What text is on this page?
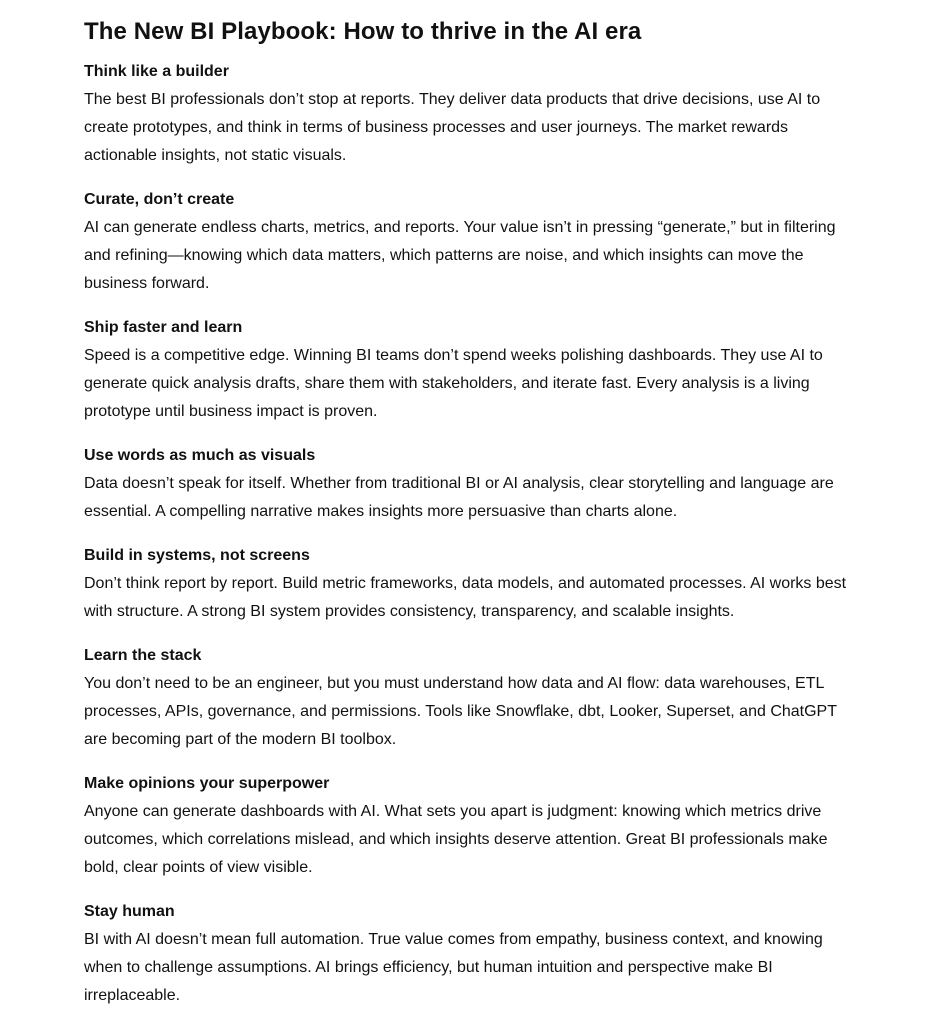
The New BI Playbook: How to thrive in the AI era
Think like a builder

The best BI professionals don’t stop at reports. They deliver data products that drive decisions, use AI to create prototypes, and think in terms of business processes and user journeys. The market rewards actionable insights, not static visuals.

Curate, don’t create

AI can generate endless charts, metrics, and reports. Your value isn’t in pressing “generate,” but in filtering and refining—knowing which data matters, which patterns are noise, and which insights can move the business forward.

Ship faster and learn

Speed is a competitive edge. Winning BI teams don’t spend weeks polishing dashboards. They use AI to generate quick analysis drafts, share them with stakeholders, and iterate fast. Every analysis is a living prototype until business impact is proven.

Use words as much as visuals

Data doesn’t speak for itself. Whether from traditional BI or AI analysis, clear storytelling and language are essential. A compelling narrative makes insights more persuasive than charts alone.

Build in systems, not screens

Don’t think report by report. Build metric frameworks, data models, and automated processes. AI works best with structure. A strong BI system provides consistency, transparency, and scalable insights.

Learn the stack

You don’t need to be an engineer, but you must understand how data and AI flow: data warehouses, ETL processes, APIs, governance, and permissions. Tools like Snowflake, dbt, Looker, Superset, and ChatGPT are becoming part of the modern BI toolbox.

Make opinions your superpower

Anyone can generate dashboards with AI. What sets you apart is judgment: knowing which metrics drive outcomes, which correlations mislead, and which insights deserve attention. Great BI professionals make bold, clear points of view visible.

Stay human

BI with AI doesn’t mean full automation. True value comes from empathy, business context, and knowing when to challenge assumptions. AI brings efficiency, but human intuition and perspective make BI irreplaceable.
